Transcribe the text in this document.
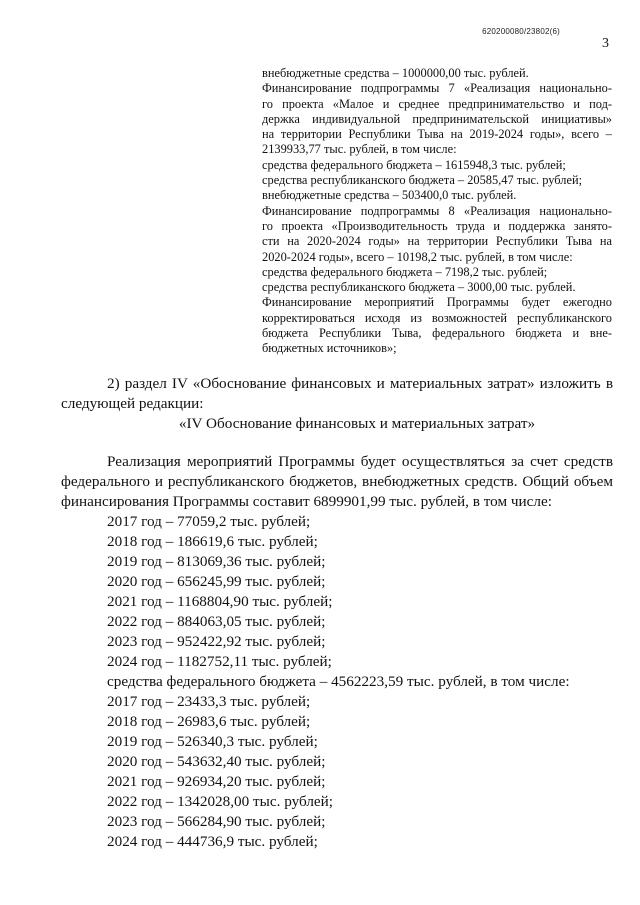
620200080/23802(6)
3
внебюджетные средства – 1000000,00 тыс. рублей.
Финансирование подпрограммы 7 «Реализация национально-
го проекта «Малое и среднее предпринимательство и под-
держка индивидуальной предпринимательской инициативы»
на территории Республики Тыва на 2019-2024 годы», всего –
2139933,77 тыс. рублей, в том числе:
средства федерального бюджета – 1615948,3 тыс. рублей;
средства республиканского бюджета – 20585,47 тыс. рублей;
внебюджетные средства – 503400,0 тыс. рублей.
Финансирование подпрограммы 8 «Реализация национально-
го проекта «Производительность труда и поддержка занято-
сти на 2020-2024 годы» на территории Республики Тыва на
2020-2024 годы», всего – 10198,2 тыс. рублей, в том числе:
средства федерального бюджета – 7198,2 тыс. рублей;
средства республиканского бюджета – 3000,00 тыс. рублей.
Финансирование мероприятий Программы будет ежегодно
корректироваться исходя из возможностей республиканского
бюджета Республики Тыва, федерального бюджета и вне-
бюджетных источников»;
2) раздел IV «Обоснование финансовых и материальных затрат» изложить в
следующей редакции:
«IV Обоснование финансовых и материальных затрат»
Реализация мероприятий Программы будет осуществляться за счет средств
федерального и республиканского бюджетов, внебюджетных средств. Общий объем
финансирования Программы составит 6899901,99 тыс. рублей, в том числе:
2017 год – 77059,2 тыс. рублей;
2018 год – 186619,6 тыс. рублей;
2019 год – 813069,36 тыс. рублей;
2020 год – 656245,99 тыс. рублей;
2021 год – 1168804,90 тыс. рублей;
2022 год – 884063,05 тыс. рублей;
2023 год – 952422,92 тыс. рублей;
2024 год – 1182752,11 тыс. рублей;
средства федерального бюджета – 4562223,59 тыс. рублей, в том числе:
2017 год – 23433,3 тыс. рублей;
2018 год – 26983,6 тыс. рублей;
2019 год – 526340,3 тыс. рублей;
2020 год – 543632,40 тыс. рублей;
2021 год – 926934,20 тыс. рублей;
2022 год – 1342028,00 тыс. рублей;
2023 год – 566284,90 тыс. рублей;
2024 год – 444736,9 тыс. рублей;
